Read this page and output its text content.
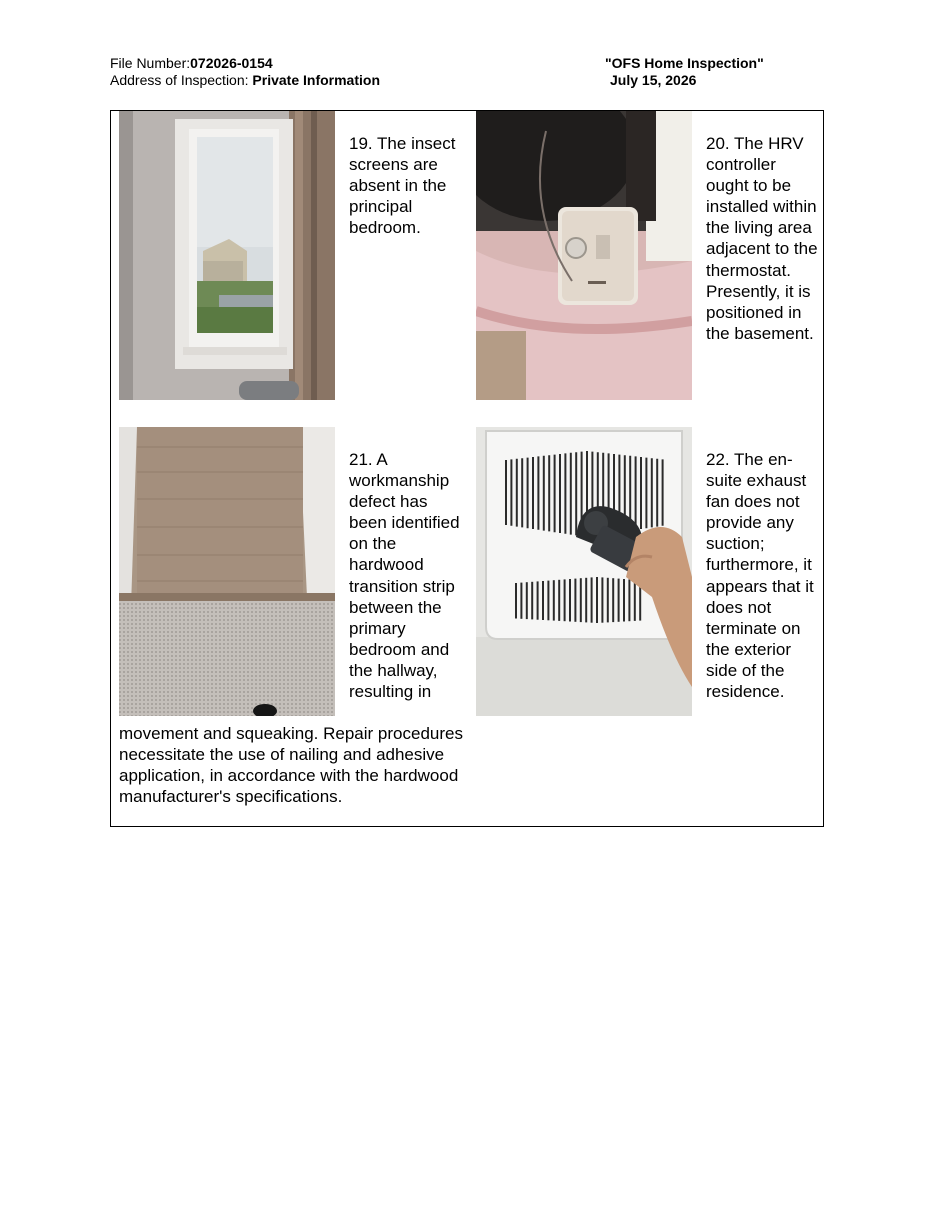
File Number:072026-0154
Address of Inspection: Private Information
"OFS Home Inspection"
July 15, 2026
19. The insect screens are absent in the principal bedroom.
20. The HRV controller ought to be installed within the living area adjacent to the thermostat. Presently, it is positioned in the basement.
21. A workmanship defect has been identified on the hardwood transition strip between the primary bedroom and the hallway, resulting in
movement and squeaking. Repair procedures necessitate the use of nailing and adhesive application, in accordance with the hardwood manufacturer's specifications.
22. The en-suite exhaust fan does not provide any suction; furthermore, it appears that it does not terminate on the exterior side of the residence.
